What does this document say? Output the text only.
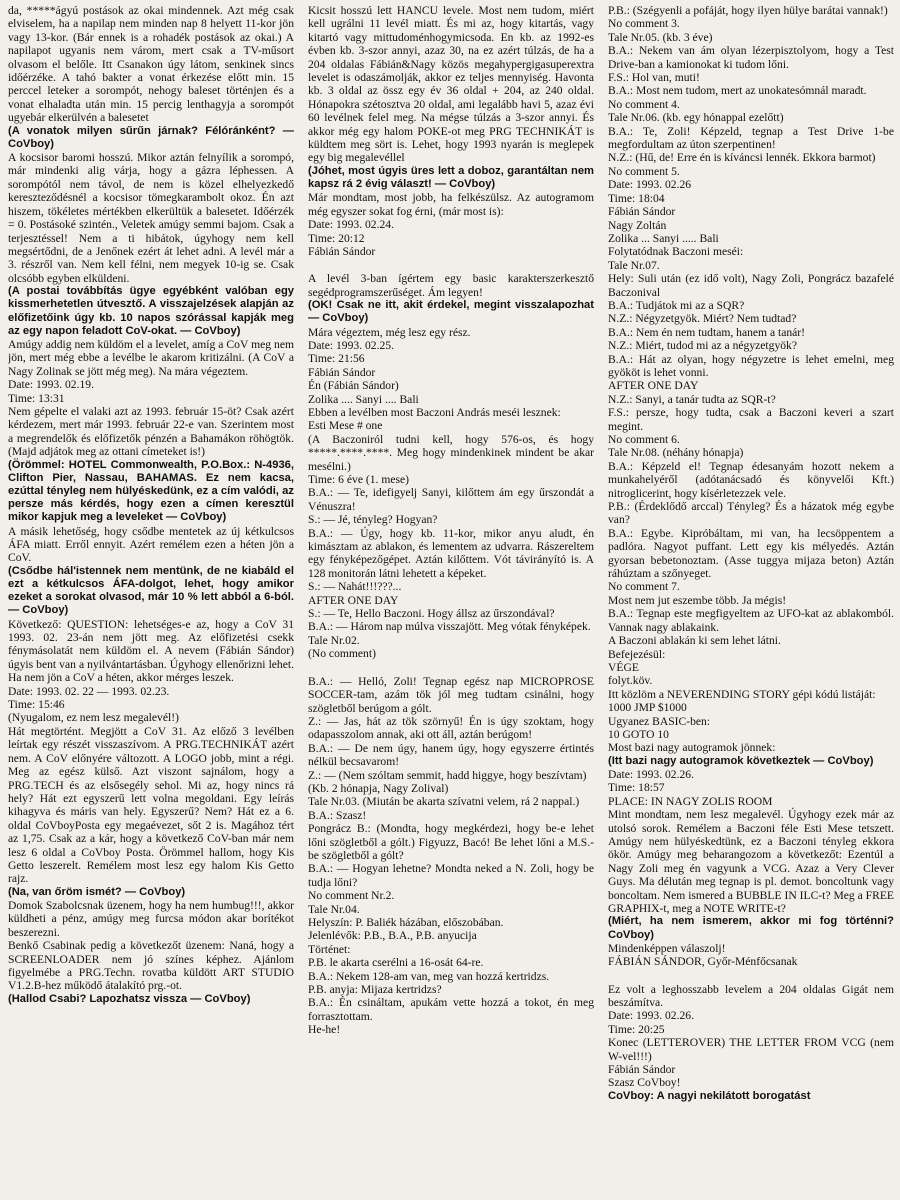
da, *****ágyú postások az okai mindennek. Azt még csak elviselem, ha a napilap nem minden nap 8 helyett 11-kor jön vagy 13-kor. (Bár ennek is a rohadék postások az okai.) A napilapot ugyanis nem várom, mert csak a TV-műsort olvasom el belőle. Itt Csanakon úgy látom, senkinek sincs időérzéke. A tahó bakter a vonat érkezése előtt min. 15 perccel leteker a sorompót, nehogy baleset történjen és a vonat elhaladta után min. 15 percig lenthagyja a sorompót ugyebár elkerülvén a balesetet

(A vonatok milyen sűrűn járnak? Félóránként? — CoVboy)

A kocsisor baromi hosszú. Mikor aztán felnyílik a sorompó, már mindenki alig várja, hogy a gázra léphessen. A sorompótól nem távol, de nem is közel elhelyezkedő kereszteződésnél a kocsisor tömegkarambolt okoz. Én azt hiszem, tökéletes mértékben elkerültük a balesetet. Időérzék = 0. Postásoké szintén., Veletek amúgy semmi bajom. Csak a terjesztéssel! Nem a ti hibátok, úgyhogy nem kell megsértődni, de a Jenőnek ezért át lehet adni. A levél már a 3. részről van. Nem kell félni, nem megyek 10-ig se. Csak olcsóbb egyben elküldeni.

(A postai továbbítás ügye egyébként valóban egy kissmerhetetlen útvesztő. A visszajelzések alapján az előfizetőink úgy kb. 10 napos szórással kapják meg az egy napon feladott CoV-okat. — CoVboy)

Amúgy addig nem küldöm el a levelet, amíg a CoV meg nem jön, mert még ebbe a levélbe le akarom kritizálni. (A CoV a Nagy Zolinak se jött még meg). Na mára végeztem.

Date: 1993. 02.19.

Time: 13:31

Nem gépelte el valaki azt az 1993. február 15-öt? Csak azért kérdezem, mert már 1993. február 22-e van. Szerintem most a megrendelők és előfizetők pénzén a Bahamákon röhögtök. (Majd adjátok meg az ottani címeteket is!)

(Örömmel: HOTEL Commonwealth, P.O.Box.: N-4936, Clifton Pier, Nassau, BAHAMAS. Ez nem kacsa, ezúttal tényleg nem hülyéskedünk, ez a cím valódi, az persze más kérdés, hogy ezen a címen keresztül mikor kapjuk meg a leveleket — CoVboy)

A másik lehetőség, hogy csődbe mentetek az új kétkulcsos ÁFA miatt. Erről ennyit. Azért remélem ezen a héten jön a CoV.

(Csődbe hál'istennek nem mentünk, de ne kiabáld el ezt a kétkulcsos ÁFA-dolgot, lehet, hogy amikor ezeket a sorokat olvasod, már 10 % lett abból a 6-ból. — CoVboy)

Következő: QUESTION: lehetséges-e az, hogy a CoV 31 1993. 02. 23-án nem jött meg. Az előfizetési csekk fénymásolatát nem küldöm el. A nevem (Fábián Sándor) úgyis bent van a nyilvántartásban. Úgyhogy ellenőrizni lehet. Ha nem jön a CoV a héten, akkor mérges leszek.

Date: 1993. 02. 22 — 1993. 02.23.

Time: 15:46

(Nyugalom, ez nem lesz megalevél!)

Hát megtörtént. Megjött a CoV 31. Az előző 3 levélben leírtak egy részét visszaszívom. A PRG.TECHNIKÁT azért nem. A CoV előnyére változott. A LOGO jobb, mint a régi. Meg az egész külső. Azt viszont sajnálom, hogy a PRG.TECH és az elsősegély sehol. Mi az, hogy nincs rá hely? Hát ezt egyszerű lett volna megoldani. Egy leírás kihagyva és máris van hely. Egyszerű? Nem? Hát ez a 6. oldal CoVboyPosta egy megaévezet, sőt 2 is. Magához tért az 1,75. Csak az a kár, hogy a következő CoV-ban már nem lesz 6 oldal a CoVboy Posta. Örömmel hallom, hogy Kis Getto leszerelt. Remélem most lesz egy halom Kis Getto rajz.

(Na, van őröm ismét? — CoVboy)

Domok Szabolcsnak üzenem, hogy ha nem humbug!!!, akkor küldheti a pénz, amúgy meg furcsa módon akar borítékot beszerezni.

Benkő Csabinak pedig a következőt üzenem: Naná, hogy a SCREENLOADER nem jó színes képhez. Ajánlom figyelmébe a PRG.Techn. rovatba küldött ART STUDIO V1.2.B-hez működő átalakító prg.-ot.

(Hallod Csabi? Lapozhatsz vissza — CoVboy)

Kicsit hosszú lett HANCU levele. Most nem tudom, miért kell ugrálni 11 levél miatt. És mi az, hogy kitartás, vagy kitartó vagy mittudoménhogymicsoda. En kb. az 1992-es évben kb. 3-szor annyi, azaz 30, na ez azért túlzás, de ha a 204 oldalas Fábián&Nagy közös megahypergigasuperextra levelet is odaszámolják, akkor ez teljes mennyiség. Havonta kb. 3 oldal az össz egy év 36 oldal + 204, az 240 oldal. Hónapokra szétosztva 20 oldal, ami legalább havi 5, azaz évi 60 levélnek felel meg. Na mégse túlzás a 3-szor annyi. És akkor még egy halom POKE-ot meg PRG TECHNIKÁT is küldtem meg sört is. Lehet, hogy 1993 nyarán is meglepek egy big megalevéllel

(Jóhet, most úgyis üres lett a doboz, garantáltan nem kapsz rá 2 évig választ! — CoVboy)

Már mondtam, most jobb, ha felkészülsz. Az autogramom még egyszer sokat fog érni, (már most is):

Date: 1993. 02.24.

Time: 20:12

Fábián Sándor

A levél 3-ban ígértem egy basic karakterszerkesztő segédprogramszerűséget. Ám legyen!

(OK! Csak ne itt, akit érdekel, megint visszalapozhat — CoVboy)

Mára végeztem, még lesz egy rész.

Date: 1993. 02.25.

Time: 21:56

Fábián Sándor

Én (Fábián Sándor)

Zolika .... Sanyi .... Bali

Ebben a levélben most Baczoni András meséi lesznek:

Esti Mese # one

(A Baczoniról tudni kell, hogy 576-os, és hogy *****.****.****. Meg hogy mindenkinek mindent be akar mesélni.)

Time: 6 éve (1. mese)

B.A.: — Te, idefigyelj Sanyi, kilőttem ám egy űrszondát a Vénuszra!

S.: — Jé, tényleg? Hogyan?

B.A.: — Úgy, hogy kb. 11-kor, mikor anyu aludt, én kimásztam az ablakon, és lementem az udvarra. Rászereltem egy fényképezőgépet. Aztán kilőttem. Vót távirányító is. A 128 monitorán látni lehetett a képeket.

S.: — Nahát!!!???...

AFTER ONE DAY

S.: — Te, Hello Baczoni. Hogy állsz az űrszondával?

B.A.: — Három nap múlva visszajött. Meg vótak fényképek.

Tale Nr.02.

(No comment)

B.A.: — Helló, Zoli! Tegnap egész nap MICROPROSE SOCCER-tam, azám tök jól meg tudtam csinálni, hogy szögletből berúgom a gólt.

Z.: — Jas, hát az tök szörnyű! Én is úgy szoktam, hogy odapasszolom annak, aki ott áll, aztán berúgom!

B.A.: — De nem úgy, hanem úgy, hogy egyszerre értintés nélkül becsavarom!

Z.: — (Nem szóltam semmit, hadd higgye, hogy beszívtam)

(Kb. 2 hónapja, Nagy Zolival)

Tale Nr.03. (Miután be akarta szívatni velem, rá 2 nappal.)

B.A.: Szasz!

Pongrácz B.: (Mondta, hogy megkérdezi, hogy be-e lehet lőni szögletből a gólt.) Figyuzz, Bacó! Be lehet lőni a M.S.-be szögletből a gólt?

B.A.: — Hogyan lehetne? Mondta neked a N. Zoli, hogy be tudja lőni?

No comment Nr.2.

Tale Nr.04.

Helyszín: P. Baliék házában, előszobában.

Jelenlévők: P.B., B.A., P.B. anyucija

Történet:

P.B. le akarta cserélni a 16-osát 64-re.

B.A.: Nekem 128-am van, meg van hozzá kertridzs.

P.B. anyja: Mijaza kertridzs?

B.A.: Én csináltam, apukám vette hozzá a tokot, én meg forrasztottam.

He-he!

P.B.: (Szégyenli a pofáját, hogy ilyen hülye barátai vannak!)

No comment 3.

Tale Nr.05. (kb. 3 éve)

B.A.: Nekem van ám olyan lézerpisztolyom, hogy a Test Drive-ban a kamionokat ki tudom lőni.

F.S.: Hol van, muti!

B.A.: Most nem tudom, mert az unokatesómnál maradt.

No comment 4.

Tale Nr.06. (kb. egy hónappal ezelőtt)

B.A.: Te, Zoli! Képzeld, tegnap a Test Drive 1-be megfordultam az úton szerpentinen!

N.Z.: (Hű, de! Erre én is kíváncsi lennék. Ekkora barmot)

No comment 5.

Date: 1993. 02.26

Time: 18:04

Fábián Sándor

Nagy Zoltán

Zolika ... Sanyi ..... Bali

Folytatódnak Baczoni meséi:

Tale Nr.07.

Hely: Suli után (ez idő volt), Nagy Zoli, Pongrácz bazafelé Baczonival

B.A.: Tudjátok mi az a SQR?

N.Z.: Négyzetgyök. Miért? Nem tudtad?

B.A.: Nem én nem tudtam, hanem a tanár!

N.Z.: Miért, tudod mi az a négyzetgyök?

B.A.: Hát az olyan, hogy négyzetre is lehet emelni, meg gyököt is lehet vonni.

AFTER ONE DAY

N.Z.: Sanyi, a tanár tudta az SQR-t?

F.S.: persze, hogy tudta, csak a Baczoni keveri a szart megint.

No comment 6.

Tale Nr.08. (néhány hónapja)

B.A.: Képzeld el! Tegnap édesanyám hozott nekem a munkahelyéről (adótanácsadó és könyvelői Kft.) nitroglicerint, hogy kísérletezzek vele.

P.B.: (Érdeklődő arccal) Tényleg? És a házatok még egybe van?

B.A.: Egybe. Kipróbáltam, mi van, ha lecsöppentem a padlóra. Nagyot puffant. Lett egy kis mélyedés. Aztán gyorsan bebetonoztam. (Asse tuggya mijaza beton) Aztán ráhúztam a szőnyeget.

No comment 7.

Most nem jut eszembe több. Ja mégis!

B.A.: Tegnap este megfigyeltem az UFO-kat az ablakomból. Vannak nagy ablakaink.

A Baczoni ablakán ki sem lehet látni.

Befejezésül:

VÉGE

folyt.köv.

Itt közlöm a NEVERENDING STORY gépi kódú listáját:

1000 JMP $1000

Ugyanez BASIC-ben:

10 GOTO 10

Most bazi nagy autogramok jönnek:

(Itt bazi nagy autogramok következtek — CoVboy)

Date: 1993. 02.26.

Time: 18:57

PLACE: IN NAGY ZOLIS ROOM

Mint mondtam, nem lesz megalevél. Úgyhogy ezek már az utolsó sorok. Remélem a Baczoni féle Esti Mese tetszett. Amúgy nem hülyéskedtünk, ez a Baczoni tényleg ekkora ökör. Amúgy meg beharangozom a következőt: Ezentúl a Nagy Zoli meg én vagyunk a VCG. Azaz a Very Clever Guys. Ma délután meg tegnap is pl. demot. boncoltunk vagy boncoltam. Nem ismered a BUBBLE IN ILC-t? Meg a FREE GRAPHIX-t, meg a NOTE WRITE-t?

(Miért, ha nem ismerem, akkor mi fog történni? CoVboy)

Mindenképpen válaszolj!

FÁBIÁN SÁNDOR, Győr-Ménfőcsanak

Ez volt a leghosszabb levelem a 204 oldalas Gigát nem beszámítva.

Date: 1993. 02.26.

Time: 20:25

Konec (LETTEROVER) THE LETTER FROM VCG (nem W-vel!!!)

Fábián Sándor

Szasz CoVboy!

CoVboy: A nagyi nekilátott borogatást
